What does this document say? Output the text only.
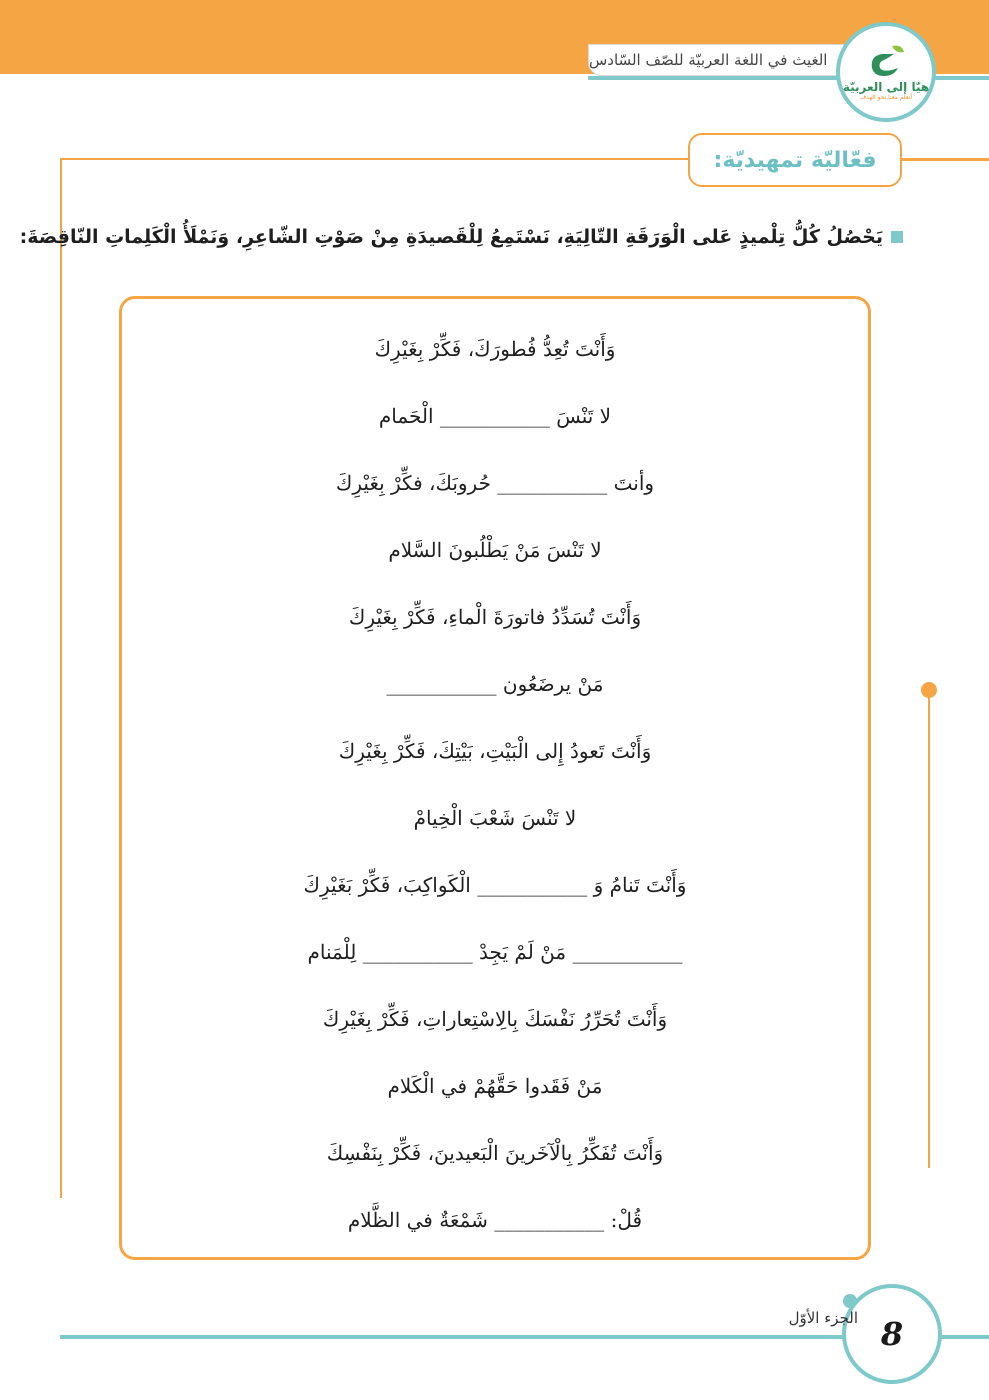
الغيث في اللغة العربيّة للصّف السّادس
هيّا إلى العربيّة
أتعلم معنا نحو الهدف
فعّاليّة تمهيديّة:
يَحْصُلُ كُلُّ تِلْميذٍ عَلى الْوَرَقَةِ التّالِيَةِ، نَسْتَمِعُ لِلْقَصيدَةِ مِنْ صَوْتِ الشّاعِرِ، وَنَمْلَأُ الْكَلِماتِ النّاقِصَةَ:
وَأَنْتَ تُعِدُّ فُطورَكَ، فَكِّرْ بِغَيْرِكَ
لا تَنْسَ ___________ الْحَمام
وأنتَ ___________ حُروبَكَ، فكِّرْ بِغَيْرِكَ
لا تَنْسَ مَنْ يَطْلُبونَ السَّلام
وَأَنْتَ تُسَدِّدُ فاتورَةَ الْماءِ، فَكِّرْ بِغَيْرِكَ
مَنْ يرضَعُون ___________
وَأَنْتَ تَعودُ إِلى الْبَيْتِ، بَيْتِكَ، فَكِّرْ بِغَيْرِكَ
لا تَنْسَ شَعْبَ الْخِيامْ
وَأَنْتَ تَنامُ وَ ___________ الْكَواكِبَ، فَكِّرْ بَغَيْرِكَ
___________ مَنْ لَمْ يَجِدْ ___________ لِلْمَنام
وَأَنْتَ تُحَرِّرُ نَفْسَكَ بِالِاسْتِعاراتِ، فَكِّرْ بِغَيْرِكَ
مَنْ فَقَدوا حَقَّهُمْ في الْكَلام
وَأَنْتَ تُفَكِّرُ بِالْآخَرينَ الْبَعيدينَ، فَكِّرْ بِنَفْسِكَ
قُلْ: ___________ شَمْعَةٌ في الظَّلام
8
الجزء الأوّل
